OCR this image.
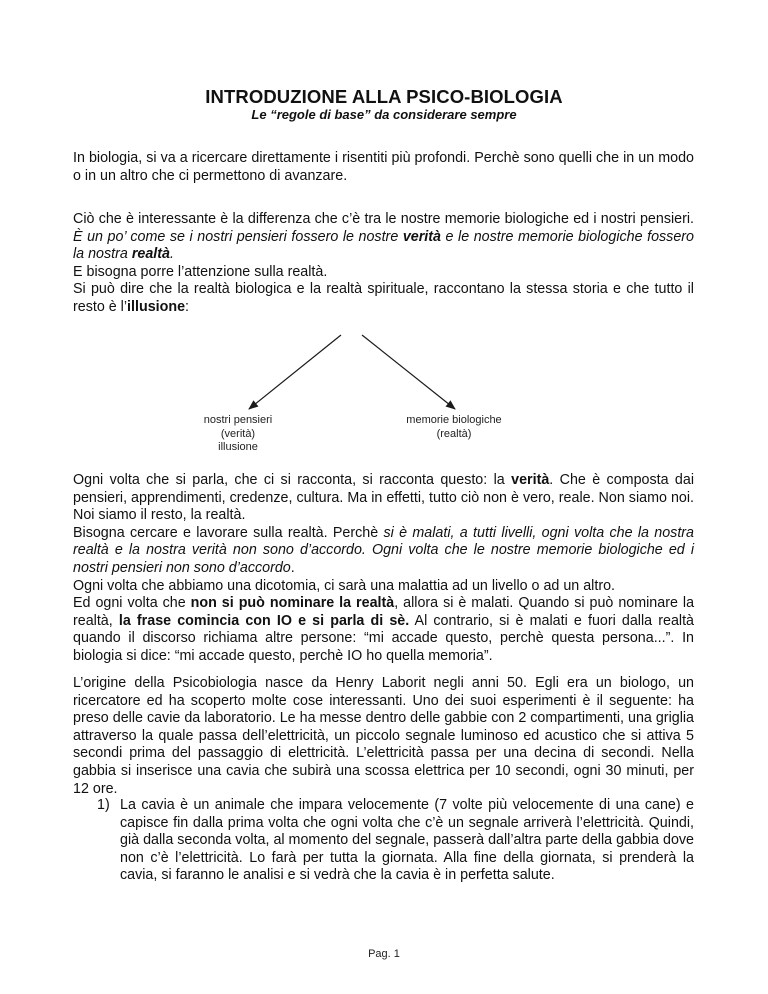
INTRODUZIONE ALLA PSICO-BIOLOGIA
Le “regole di base” da considerare sempre

In biologia, si va a ricercare direttamente i risentiti più profondi. Perchè sono quelli che in un modo o in un altro che ci permettono di avanzare.

Ciò che è interessante è la differenza che c’è tra le nostre memorie biologiche ed i nostri pensieri. È un po’ come se i nostri pensieri fossero le nostre verità e le nostre memorie biologiche fossero la nostra realtà.

E bisogna porre l’attenzione sulla realtà.

Si può dire che la realtà biologica e la realtà spirituale, raccontano la stessa storia e che tutto il resto è l’illusione:

nostri pensieri
(verità)
illusione
memorie biologiche
(realtà)

Ogni volta che si parla, che ci si racconta, si racconta questo: la verità. Che è composta dai pensieri, apprendimenti, credenze, cultura. Ma in effetti, tutto ciò non è vero, reale. Non siamo noi. Noi siamo il resto, la realtà.

Bisogna cercare e lavorare sulla realtà. Perchè si è malati, a tutti livelli, ogni volta che la nostra realtà e la nostra verità non sono d’accordo. Ogni volta che le nostre memorie biologiche ed i nostri pensieri non sono d’accordo.

Ogni volta che abbiamo una dicotomia, ci sarà una malattia ad un livello o ad un altro.

Ed ogni volta che non si può nominare la realtà, allora si è malati. Quando si può nominare la realtà, la frase comincia con IO e si parla di sè. Al contrario, si è malati e fuori dalla realtà quando il discorso richiama altre persone: “mi accade questo, perchè questa persona...”. In biologia si dice: “mi accade questo, perchè IO ho quella memoria”.

L’origine della Psicobiologia nasce da Henry Laborit negli anni 50. Egli era un biologo, un ricercatore ed ha scoperto molte cose interessanti. Uno dei suoi esperimenti è il seguente: ha preso delle cavie da laboratorio. Le ha messe dentro delle gabbie con 2 compartimenti, una griglia attraverso la quale passa dell’elettricità, un piccolo segnale luminoso ed acustico che si attiva 5 secondi prima del passaggio di elettricità. L’elettricità passa per una decina di secondi. Nella gabbia si inserisce una cavia che subirà una scossa elettrica per 10 secondi, ogni 30 minuti, per 12 ore.

1) La cavia è un animale che impara velocemente (7 volte più velocemente di una cane) e capisce fin dalla prima volta che ogni volta che c’è un segnale arriverà l’elettricità. Quindi, già dalla seconda volta, al momento del segnale, passerà dall’altra parte della gabbia dove non c’è l’elettricità. Lo farà per tutta la giornata. Alla fine della giornata, si prenderà la cavia, si faranno le analisi e si vedrà che la cavia è in perfetta salute.
Pag. 1
